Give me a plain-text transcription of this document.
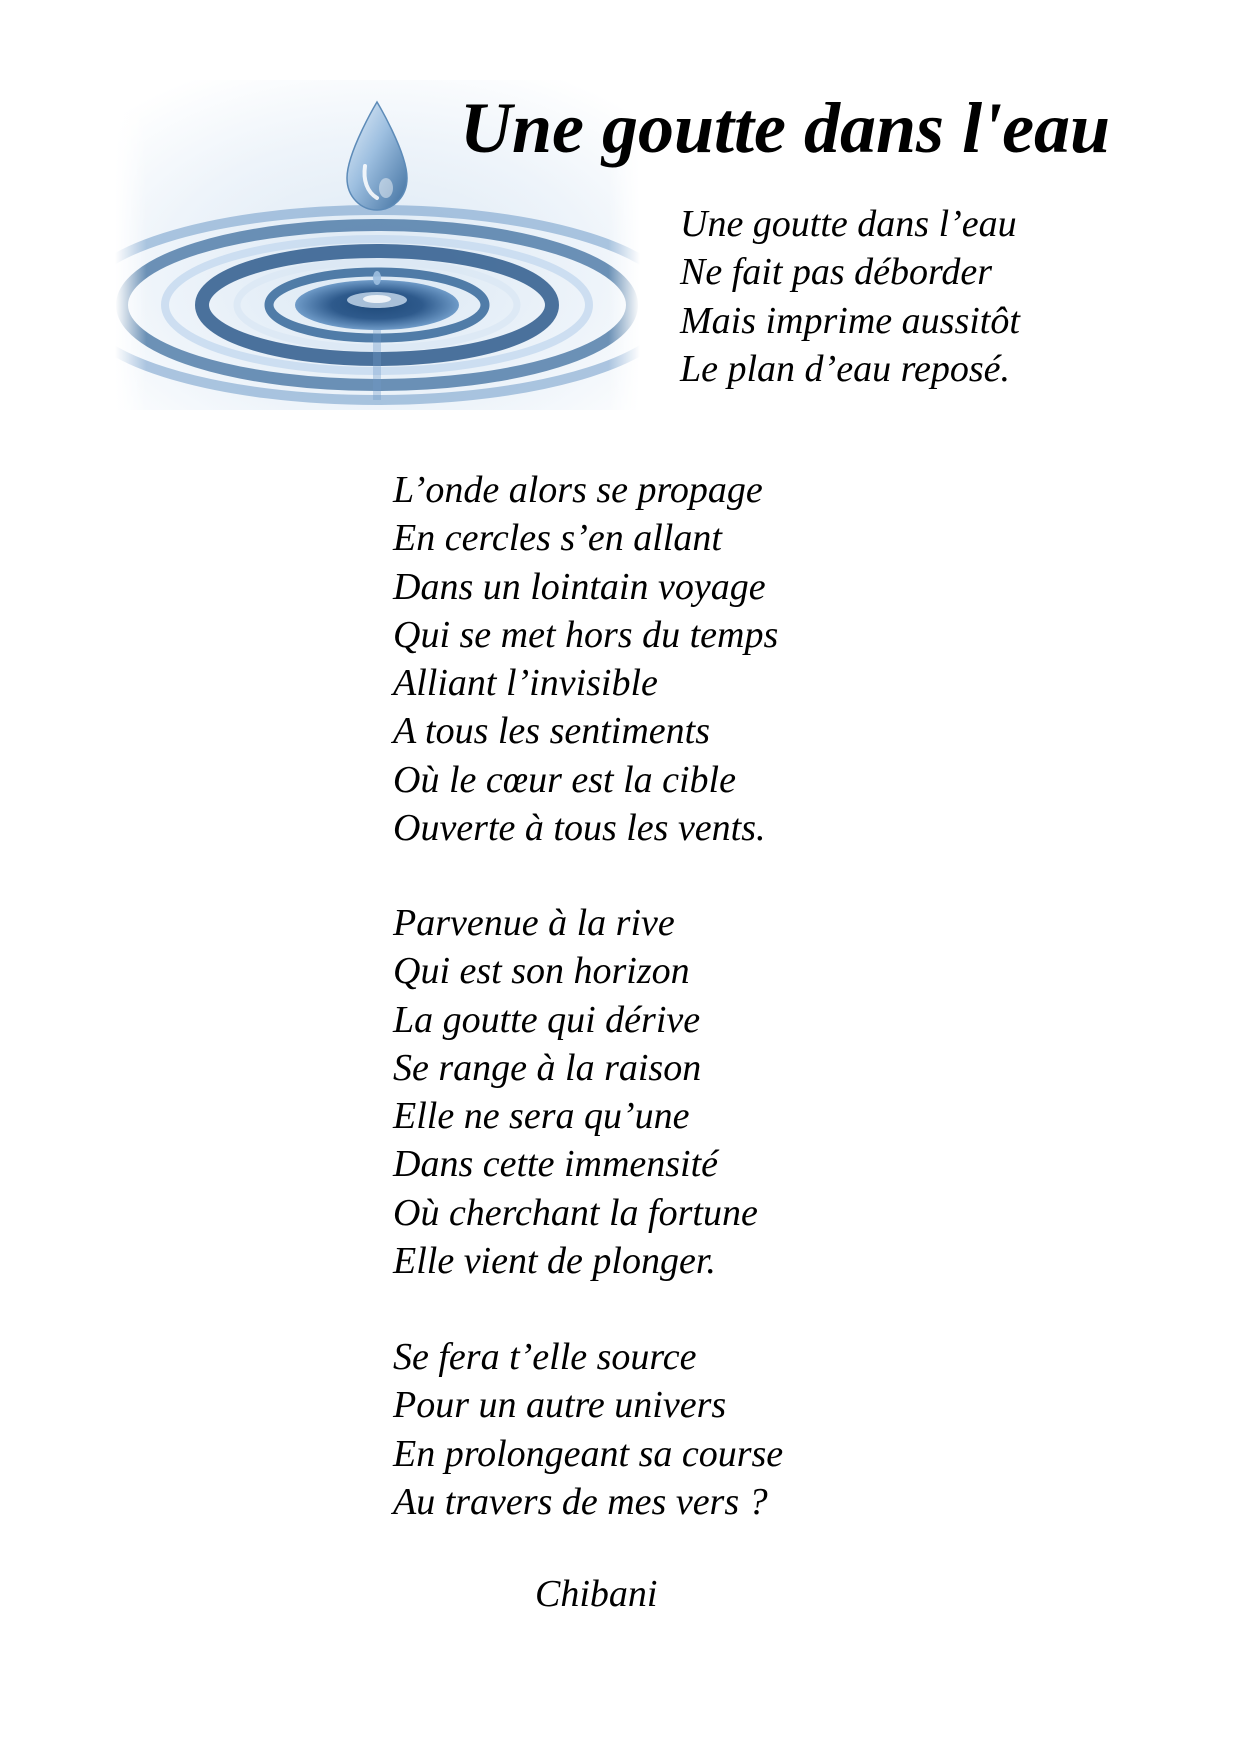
Une goutte dans l'eau
Une goutte dans l’eau
Ne fait pas déborder
Mais imprime aussitôt
Le plan d’eau reposé.
L’onde alors se propage
En cercles s’en allant
Dans un lointain voyage
Qui se met hors du temps
Alliant l’invisible
A tous les sentiments
Où le cœur est la cible
Ouverte à tous les vents.
Parvenue à la rive
Qui est son horizon
La goutte qui dérive
Se range à la raison
Elle ne sera qu’une
Dans cette immensité
Où cherchant la fortune
Elle vient de plonger.
Se fera t’elle source
Pour un autre univers
En prolongeant sa course
Au travers de mes vers ?
Chibani
